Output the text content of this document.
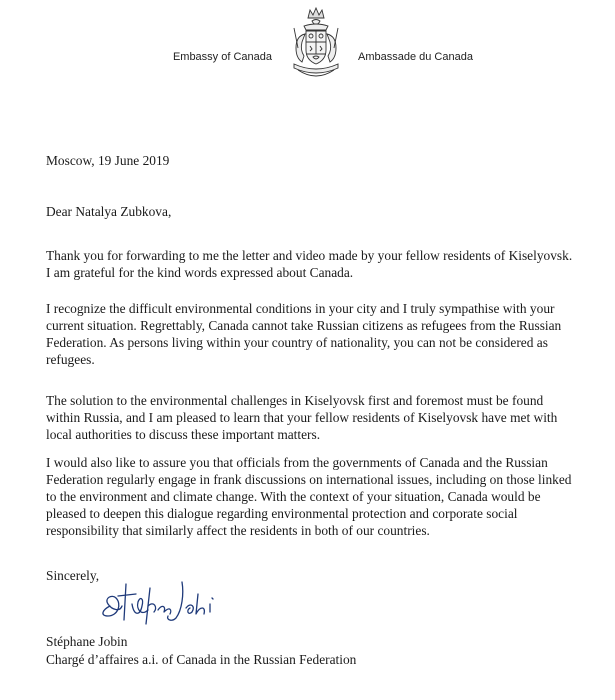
Embassy of Canada	Ambassade du Canada

Moscow, 19 June 2019

Dear Natalya Zubkova,

Thank you for forwarding to me the letter and video made by your fellow residents of Kiselyovsk. I am grateful for the kind words expressed about Canada.

I recognize the difficult environmental conditions in your city and I truly sympathise with your current situation. Regrettably, Canada cannot take Russian citizens as refugees from the Russian Federation. As persons living within your country of nationality, you can not be considered as refugees.

The solution to the environmental challenges in Kiselyovsk first and foremost must be found within Russia, and I am pleased to learn that your fellow residents of Kiselyovsk have met with local authorities to discuss these important matters.

I would also like to assure you that officials from the governments of Canada and the Russian Federation regularly engage in frank discussions on international issues, including on those linked to the environment and climate change. With the context of your situation, Canada would be pleased to deepen this dialogue regarding environmental protection and corporate social responsibility that similarly affect the residents in both of our countries.

Sincerely,

Stéphane Jobin

Chargé d’affaires a.i. of Canada in the Russian Federation
